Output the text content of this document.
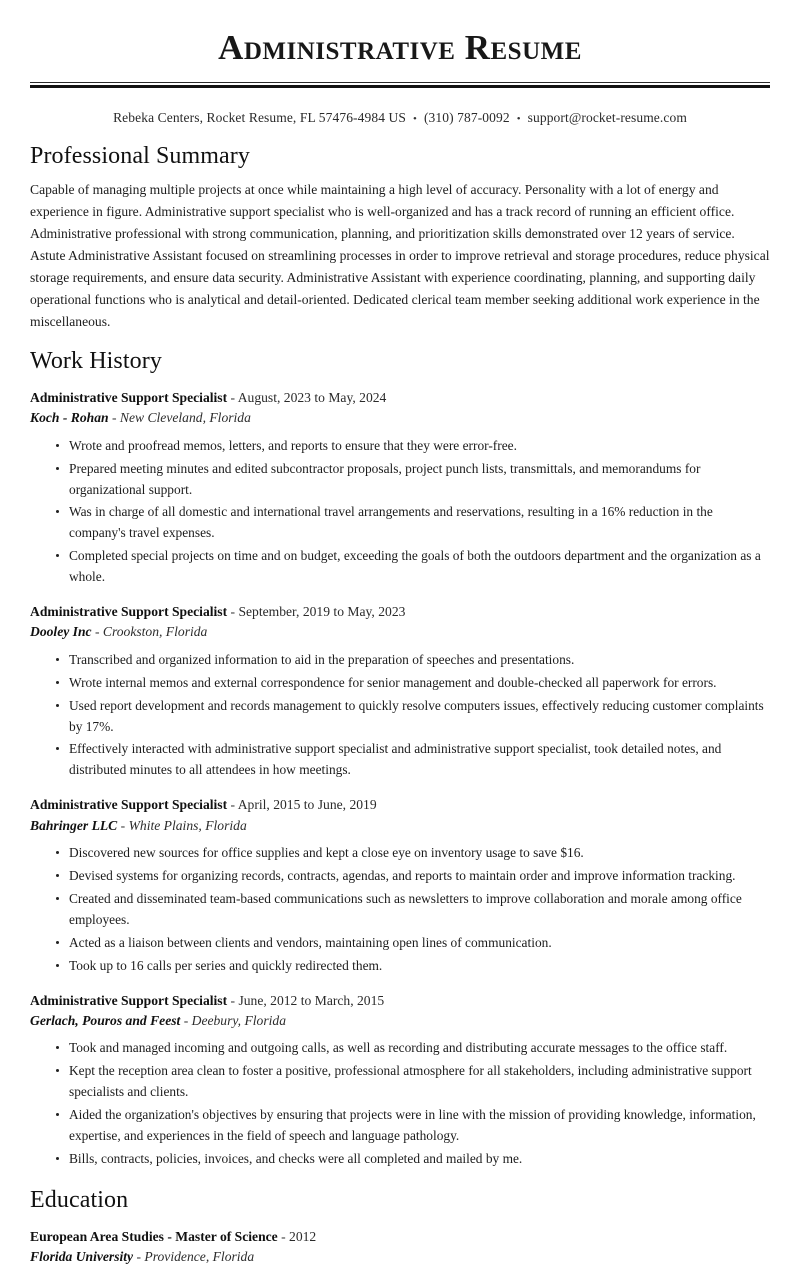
Administrative Resume
Rebeka Centers, Rocket Resume, FL 57476-4984 US • (310) 787-0092 • support@rocket-resume.com
Professional Summary

Capable of managing multiple projects at once while maintaining a high level of accuracy. Personality with a lot of energy and experience in figure. Administrative support specialist who is well-organized and has a track record of running an efficient office. Administrative professional with strong communication, planning, and prioritization skills demonstrated over 12 years of service. Astute Administrative Assistant focused on streamlining processes in order to improve retrieval and storage procedures, reduce physical storage requirements, and ensure data security. Administrative Assistant with experience coordinating, planning, and supporting daily operational functions who is analytical and detail-oriented. Dedicated clerical team member seeking additional work experience in the miscellaneous.

Work History
Administrative Support Specialist - August, 2023 to May, 2024
Koch - Rohan - New Cleveland, Florida
Wrote and proofread memos, letters, and reports to ensure that they were error-free.
Prepared meeting minutes and edited subcontractor proposals, project punch lists, transmittals, and memorandums for organizational support.
Was in charge of all domestic and international travel arrangements and reservations, resulting in a 16% reduction in the company's travel expenses.
Completed special projects on time and on budget, exceeding the goals of both the outdoors department and the organization as a whole.
Administrative Support Specialist - September, 2019 to May, 2023
Dooley Inc - Crookston, Florida
Transcribed and organized information to aid in the preparation of speeches and presentations.
Wrote internal memos and external correspondence for senior management and double-checked all paperwork for errors.
Used report development and records management to quickly resolve computers issues, effectively reducing customer complaints by 17%.
Effectively interacted with administrative support specialist and administrative support specialist, took detailed notes, and distributed minutes to all attendees in how meetings.
Administrative Support Specialist - April, 2015 to June, 2019
Bahringer LLC - White Plains, Florida
Discovered new sources for office supplies and kept a close eye on inventory usage to save $16.
Devised systems for organizing records, contracts, agendas, and reports to maintain order and improve information tracking.
Created and disseminated team-based communications such as newsletters to improve collaboration and morale among office employees.
Acted as a liaison between clients and vendors, maintaining open lines of communication.
Took up to 16 calls per series and quickly redirected them.
Administrative Support Specialist - June, 2012 to March, 2015
Gerlach, Pouros and Feest - Deebury, Florida
Took and managed incoming and outgoing calls, as well as recording and distributing accurate messages to the office staff.
Kept the reception area clean to foster a positive, professional atmosphere for all stakeholders, including administrative support specialists and clients.
Aided the organization's objectives by ensuring that projects were in line with the mission of providing knowledge, information, expertise, and experiences in the field of speech and language pathology.
Bills, contracts, policies, invoices, and checks were all completed and mailed by me.
Education
European Area Studies - Master of Science - 2012
Florida University - Providence, Florida
